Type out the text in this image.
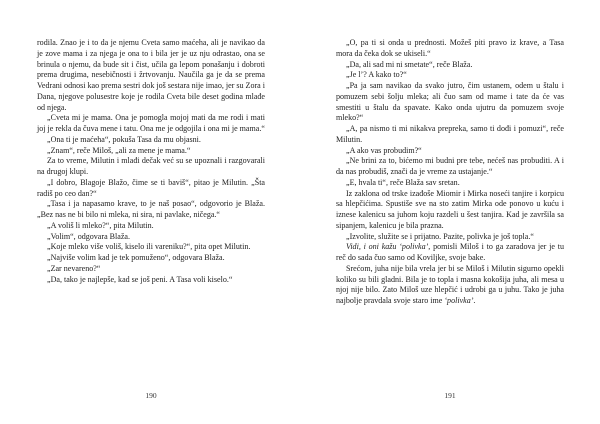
rodila. Znao je i to da je njemu Cveta samo maćeha, ali je navikao da je zove mama i za njega je ona to i bila jer je uz nju odrastao, ona se brinula o njemu, da bude sit i čist, učila ga lepom ponašanju i dobroti prema drugima, nesebičnosti i žrtvovanju. Naučila ga je da se prema Vedrani odnosi kao prema sestri dok još sestara nije imao, jer su Zora i Dana, njegove polusestre koje je rodila Cveta bile deset godina mlađe od njega.

„Cveta mi je mama. Ona je pomogla mojoj mati da me rodi i mati joj je rekla da čuva mene i tatu. Ona me je odgojila i ona mi je mama.“

„Ona ti je maćeha“, pokuša Tasa da mu objasni.

„Znam“, reče Miloš, „ali za mene je mama.“

Za to vreme, Milutin i mlađi dečak već su se upoznali i razgovarali na drugoj klupi.

„I dobro, Blagoje Blažo, čime se ti baviš“, pitao je Milutin. „Šta radiš po ceo dan?“

„Tasa i ja napasamo krave, to je naš posao“, odgovorio je Blaža. „Bez nas ne bi bilo ni mleka, ni sira, ni pavlake, ničega.“

„A voliš li mleko?“, pita Milutin.

„Volim“, odgovara Blaža.

„Koje mleko više voliš, kiselo ili vareniku?“, pita opet Milutin.

„Najviše volim kad je tek pomuženo“, odgovara Blaža.

„Zar nevareno?“

„Da, tako je najlepše, kad se još peni. A Tasa voli kiselo.“

190

„O, pa ti si onda u prednosti. Možeš piti pravo iz krave, a Tasa mora da čeka dok se ukiseli.“

„Da, ali sad mi ni smetate“, reče Blaža.

„Je l’? A kako to?“

„Pa ja sam navikao da svako jutro, čim ustanem, odem u štalu i pomuzem sebi šolju mleka; ali čuo sam od mame i tate da će vas smestiti u štalu da spavate. Kako onda ujutru da pomuzem svoje mleko?“

„A, pa nismo ti mi nikakva prepreka, samo ti dođi i pomuzi“, reče Milutin.

„A ako vas probudim?“

„Ne brini za to, bićemo mi budni pre tebe, nećeš nas probuditi. A i da nas probudiš, znači da je vreme za ustajanje.“

„E, hvala ti“, reče Blaža sav sretan.

Iz zaklona od trske izađoše Miomir i Mirka noseći tanjire i korpicu sa hlepčićima. Spustiše sve na sto zatim Mirka ode ponovo u kuću i iznese kalenicu sa juhom koju razdeli u šest tanjira. Kad je završila sa sipanjem, kalenicu je bila prazna.

„Izvolite, služite se i prijatno. Pazite, polivka je još topla.“

Vidi, i oni kažu ‘polivka’, pomisli Miloš i to ga zaradova jer je tu reč do sada čuo samo od Koviljke, svoje bake.

Srećom, juha nije bila vrela jer bi se Miloš i Milutin sigurno opekli koliko su bili gladni. Bila je to topla i masna kokošija juha, ali mesa u njoj nije bilo. Zato Miloš uze hlepčić i udrobi ga u juhu. Tako je juha najbolje pravdala svoje staro ime ‘polivka’.

191
